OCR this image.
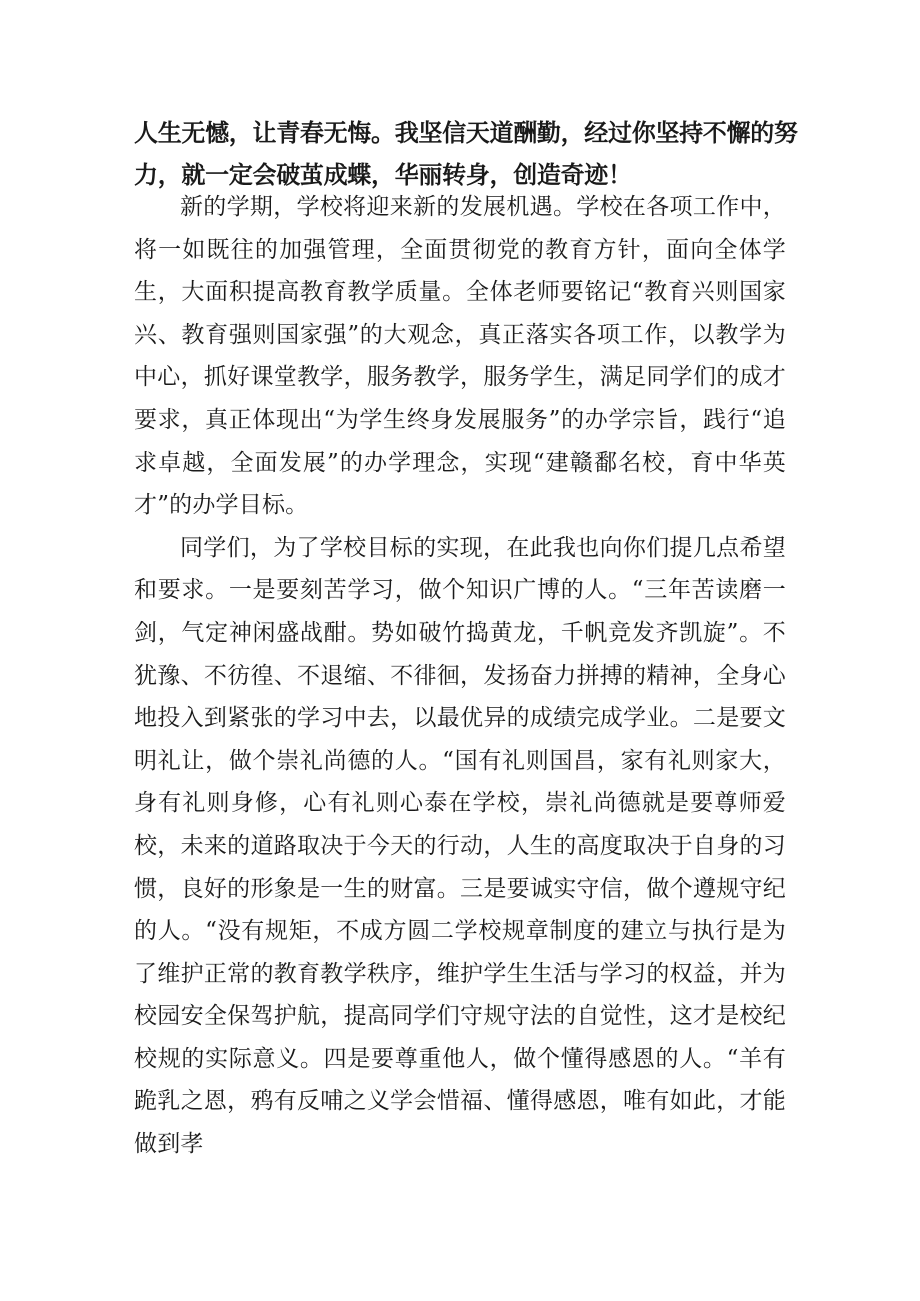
人生无憾，让青春无悔。我坚信天道酬勤，经过你坚持不懈的努
力，就一定会破茧成蝶，华丽转身，创造奇迹！

新的学期，学校将迎来新的发展机遇。学校在各项工作中，将一如既往的加强管理，全面贯彻党的教育方针，面向全体学生，大面积提高教育教学质量。全体老师要铭记“教育兴则国家兴、教育强则国家强”的大观念，真正落实各项工作，以教学为中心，抓好课堂教学，服务教学，服务学生，满足同学们的成才要求，真正体现出“为学生终身发展服务”的办学宗旨，践行“追求卓越，全面发展”的办学理念，实现“建赣鄱名校，育中华英才”的办学目标。

同学们，为了学校目标的实现，在此我也向你们提几点希望和要求。一是要刻苦学习，做个知识广博的人。“三年苦读磨一剑，气定神闲盛战酣。势如破竹捣黄龙，千帆竞发齐凯旋”。不犹豫、不彷徨、不退缩、不徘徊，发扬奋力拼搏的精神，全身心地投入到紧张的学习中去，以最优异的成绩完成学业。二是要文明礼让，做个崇礼尚德的人。“国有礼则国昌，家有礼则家大，身有礼则身修，心有礼则心泰在学校，崇礼尚德就是要尊师爱校，未来的道路取决于今天的行动，人生的高度取决于自身的习惯，良好的形象是一生的财富。三是要诚实守信，做个遵规守纪的人。“没有规矩，不成方圆二学校规章制度的建立与执行是为了维护正常的教育教学秩序，维护学生生活与学习的权益，并为校园安全保驾护航，提高同学们守规守法的自觉性，这才是校纪校规的实际意义。四是要尊重他人，做个懂得感恩的人。“羊有跪乳之恩，鸦有反哺之义学会惜福、懂得感恩，唯有如此，才能做到孝
